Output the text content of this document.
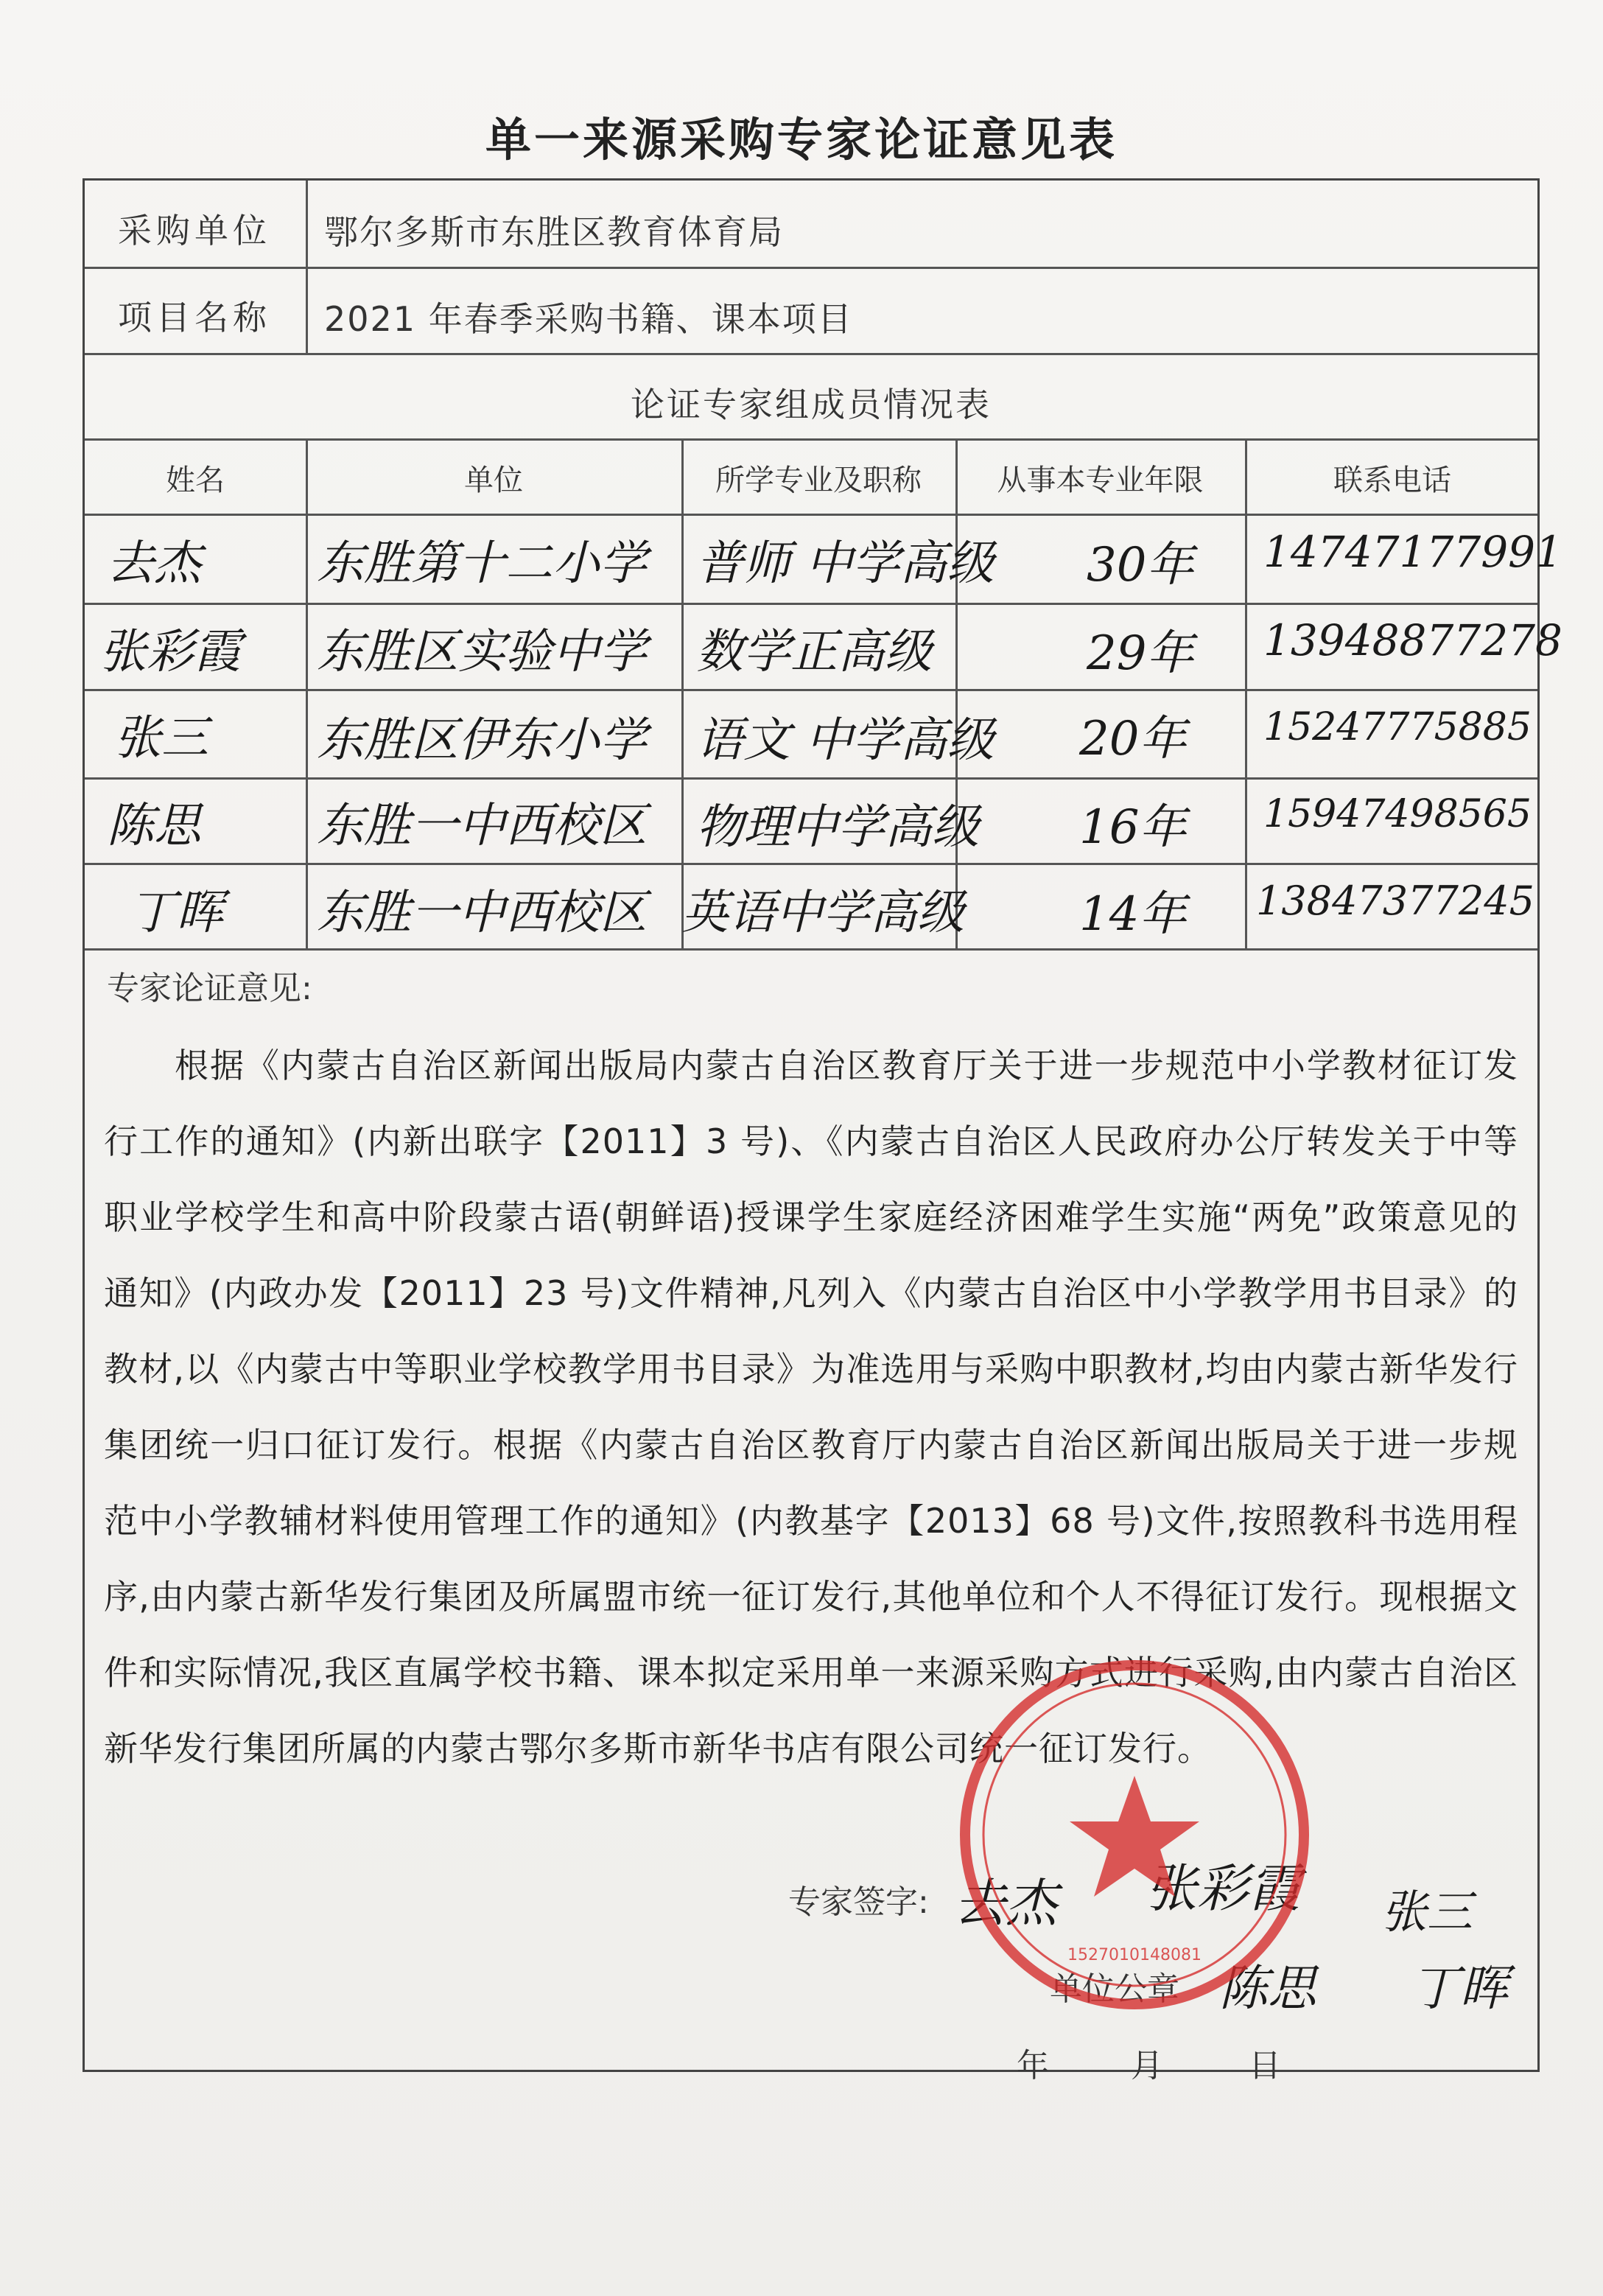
单一来源采购专家论证意见表
采购单位 鄂尔多斯市东胜区教育体育局
项目名称 2021 年春季采购书籍、课本项目
论证专家组成员情况表
姓名	单位	所学专业及职称	从事本专业年限	联系电话
去杰 东胜第十二小学 普师 中学高级 30年 14747177991
张彩霞 东胜区实验中学 数学正高级	29年 13948877278
张三 东胜区伊东小学 语文 中学高级 20年 15247775885
陈思 东胜一中西校区 物理中学高级 16年 15947498565
丁晖 东胜一中西校区 英语中学高级 14年 13847377245
专家论证意见:
根据《内蒙古自治区新闻出版局内蒙古自治区教育厅关于进一步规范中小学教材征订发行工作的通知》(内新出联字【2011】3 号)、《内蒙古自治区人民政府办公厅转发关于中等职业学校学生和高中阶段蒙古语(朝鲜语)授课学生家庭经济困难学生实施“两免”政策意见的通知》(内政办发【2011】23 号)文件精神,凡列入《内蒙古自治区中小学教学用书目录》的教材,以《内蒙古中等职业学校教学用书目录》为准选用与采购中职教材,均由内蒙古新华发行集团统一归口征订发行。根据《内蒙古自治区教育厅内蒙古自治区新闻出版局关于进一步规范中小学教辅材料使用管理工作的通知》(内教基字【2013】68 号)文件,按照教科书选用程序,由内蒙古新华发行集团及所属盟市统一征订发行,其他单位和个人不得征订发行。现根据文件和实际情况,我区直属学校书籍、课本拟定采用单一来源采购方式进行采购,由内蒙古自治区新华发行集团所属的内蒙古鄂尔多斯市新华书店有限公司统一征订发行。
专家签字: 去杰 张彩霞 张三
陈思 丁晖
单位公章
年	月	日
1527010148081
